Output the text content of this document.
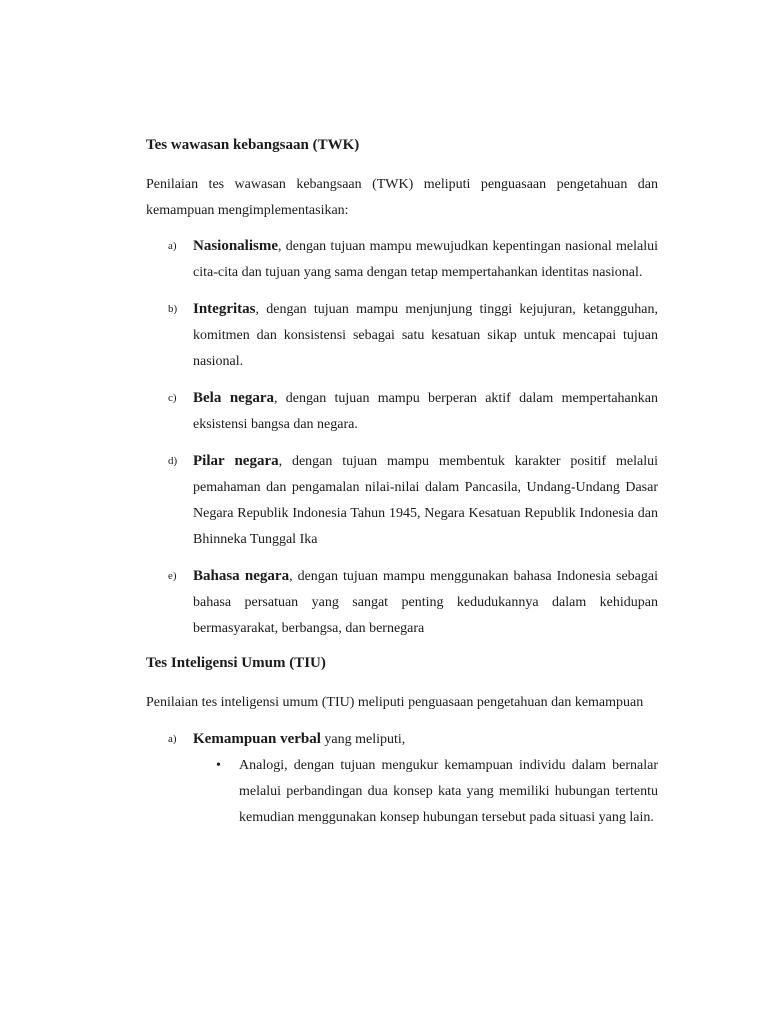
Tes wawasan kebangsaan (TWK)

Penilaian tes wawasan kebangsaan (TWK) meliputi penguasaan pengetahuan dan kemampuan mengimplementasikan:

a) Nasionalisme, dengan tujuan mampu mewujudkan kepentingan nasional melalui cita-cita dan tujuan yang sama dengan tetap mempertahankan identitas nasional.
b) Integritas, dengan tujuan mampu menjunjung tinggi kejujuran, ketangguhan, komitmen dan konsistensi sebagai satu kesatuan sikap untuk mencapai tujuan nasional.
c) Bela negara, dengan tujuan mampu berperan aktif dalam mempertahankan eksistensi bangsa dan negara.
d) Pilar negara, dengan tujuan mampu membentuk karakter positif melalui pemahaman dan pengamalan nilai-nilai dalam Pancasila, Undang-Undang Dasar Negara Republik Indonesia Tahun 1945, Negara Kesatuan Republik Indonesia dan Bhinneka Tunggal Ika
e) Bahasa negara, dengan tujuan mampu menggunakan bahasa Indonesia sebagai bahasa persatuan yang sangat penting kedudukannya dalam kehidupan bermasyarakat, berbangsa, dan bernegara
Tes Inteligensi Umum (TIU)

Penilaian tes inteligensi umum (TIU) meliputi penguasaan pengetahuan dan kemampuan

a) Kemampuan verbal yang meliputi,
• Analogi, dengan tujuan mengukur kemampuan individu dalam bernalar melalui perbandingan dua konsep kata yang memiliki hubungan tertentu kemudian menggunakan konsep hubungan tersebut pada situasi yang lain.
